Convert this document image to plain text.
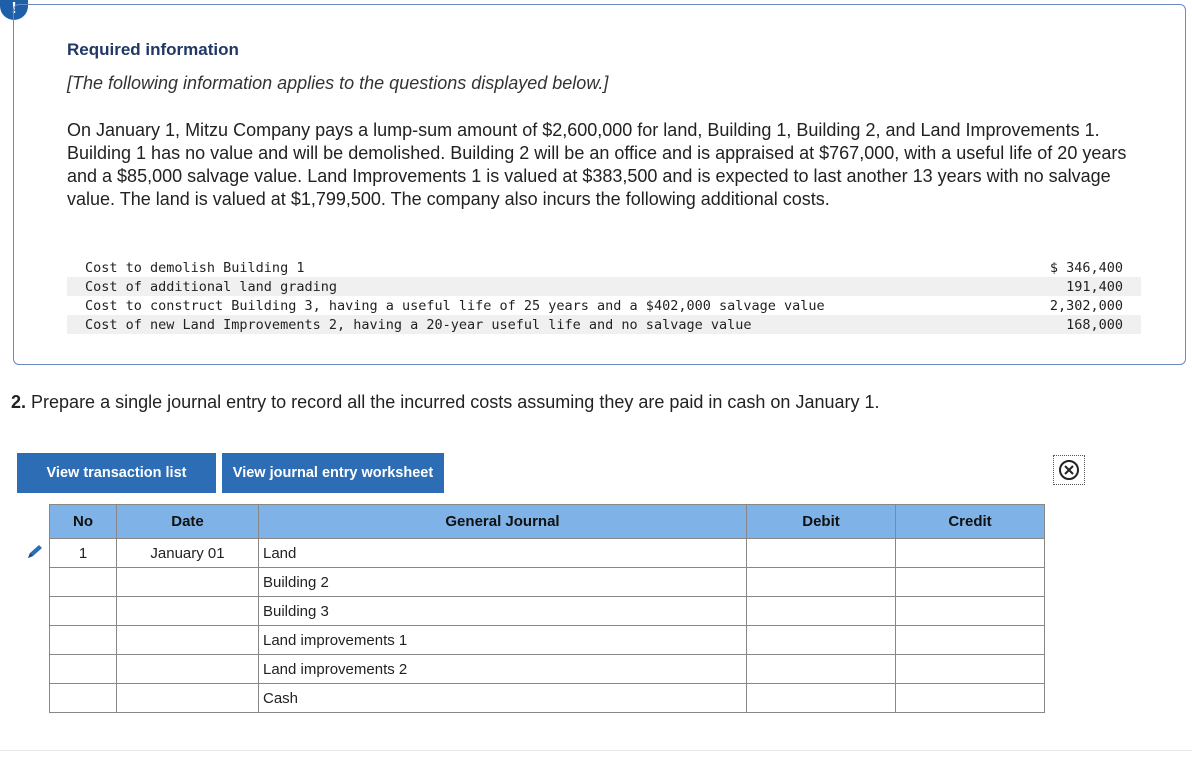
!
Required information
[The following information applies to the questions displayed below.]
On January 1, Mitzu Company pays a lump-sum amount of $2,600,000 for land, Building 1, Building 2, and Land Improvements 1. Building 1 has no value and will be demolished. Building 2 will be an office and is appraised at $767,000, with a useful life of 20 years and a $85,000 salvage value. Land Improvements 1 is valued at $383,500 and is expected to last another 13 years with no salvage value. The land is valued at $1,799,500. The company also incurs the following additional costs.
Cost to demolish Building 1	$ 346,400
Cost of additional land grading	191,400
Cost to construct Building 3, having a useful life of 25 years and a $402,000 salvage value	2,302,000
Cost of new Land Improvements 2, having a 20-year useful life and no salvage value	168,000
2. Prepare a single journal entry to record all the incurred costs assuming they are paid in cash on January 1.
View transaction list	View journal entry worksheet
No	Date	General Journal	Debit	Credit
1	January 01	Land		
		Building 2		
		Building 3		
		Land improvements 1		
		Land improvements 2		
		Cash		
